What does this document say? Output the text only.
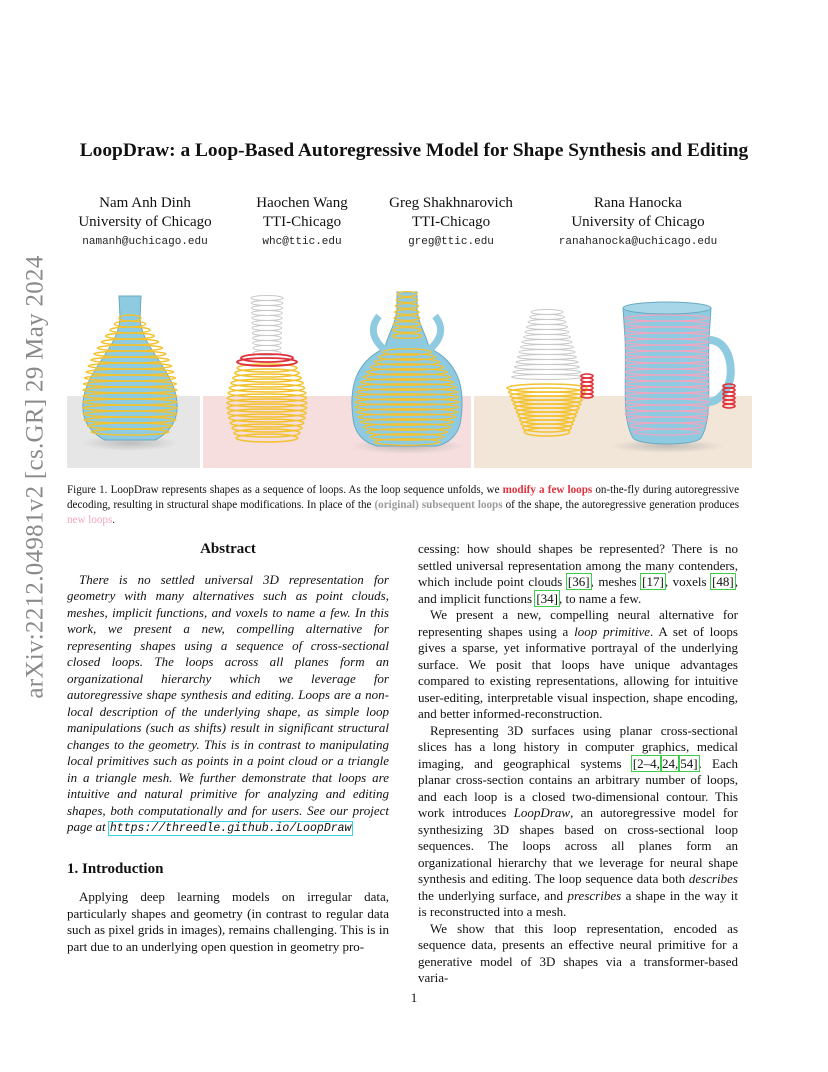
arXiv:2212.04981v2 [cs.GR] 29 May 2024
LoopDraw: a Loop-Based Autoregressive Model for Shape Synthesis and Editing
Nam Anh Dinh
University of Chicago
namanh@uchicago.edu
Haochen Wang
TTI-Chicago
whc@ttic.edu
Greg Shakhnarovich
TTI-Chicago
greg@ttic.edu
Rana Hanocka
University of Chicago
ranahanocka@uchicago.edu
Figure 1. LoopDraw represents shapes as a sequence of loops. As the loop sequence unfolds, we modify a few loops on-the-fly during autoregressive decoding, resulting in structural shape modifications. In place of the (original) subsequent loops of the shape, the autoregressive generation produces new loops.
Abstract

There is no settled universal 3D representation for geometry with many alternatives such as point clouds, meshes, implicit functions, and voxels to name a few. In this work, we present a new, compelling alternative for representing shapes using a sequence of cross-sectional closed loops. The loops across all planes form an organizational hierarchy which we leverage for autoregressive shape synthesis and editing. Loops are a non-local description of the underlying shape, as simple loop manipulations (such as shifts) result in significant structural changes to the geometry. This is in contrast to manipulating local primitives such as points in a point cloud or a triangle in a triangle mesh. We further demonstrate that loops are intuitive and natural primitive for analyzing and editing shapes, both computationally and for users. See our project page at https://threedle.github.io/LoopDraw

1. Introduction

Applying deep learning models on irregular data, particularly shapes and geometry (in contrast to regular data such as pixel grids in images), remains challenging. This is in part due to an underlying open question in geometry pro-

cessing: how should shapes be represented? There is no settled universal representation among the many contenders, which include point clouds [36], meshes [17], voxels [48], and implicit functions [34], to name a few.

We present a new, compelling neural alternative for representing shapes using a loop primitive. A set of loops gives a sparse, yet informative portrayal of the underlying surface. We posit that loops have unique advantages compared to existing representations, allowing for intuitive user-editing, interpretable visual inspection, shape encoding, and better informed-reconstruction.

Representing 3D surfaces using planar cross-sectional slices has a long history in computer graphics, medical imaging, and geographical systems [2–4, 24, 54]. Each planar cross-section contains an arbitrary number of loops, and each loop is a closed two-dimensional contour. This work introduces LoopDraw, an autoregressive model for synthesizing 3D shapes based on cross-sectional loop sequences. The loops across all planes form an organizational hierarchy that we leverage for neural shape synthesis and editing. The loop sequence data both describes the underlying surface, and prescribes a shape in the way it is reconstructed into a mesh.

We show that this loop representation, encoded as sequence data, presents an effective neural primitive for a generative model of 3D shapes via a transformer-based varia-

1
